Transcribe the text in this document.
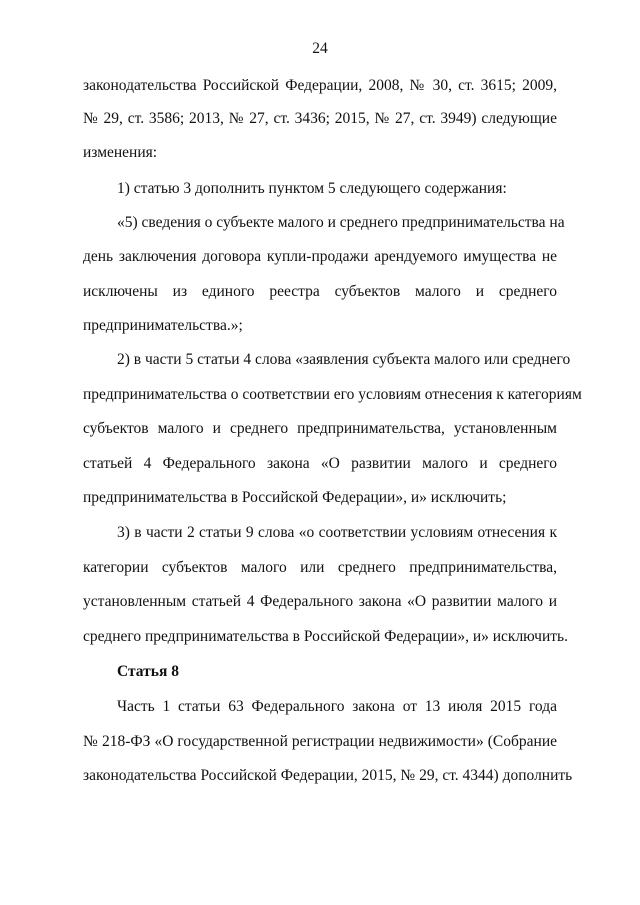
24
законодательства Российской Федерации, 2008, № 30, ст. 3615; 2009,
№ 29, ст. 3586; 2013, № 27, ст. 3436; 2015, № 27, ст. 3949) следующие
изменения:
1) статью 3 дополнить пунктом 5 следующего содержания:
«5) сведения о субъекте малого и среднего предпринимательства на
день заключения договора купли-продажи арендуемого имущества не
исключены из единого реестра субъектов малого и среднего
предпринимательства.»;
2) в части 5 статьи 4 слова «заявления субъекта малого или среднего
предпринимательства о соответствии его условиям отнесения к категориям
субъектов малого и среднего предпринимательства, установленным
статьей 4 Федерального закона «О развитии малого и среднего
предпринимательства в Российской Федерации», и» исключить;
3) в части 2 статьи 9 слова «о соответствии условиям отнесения к
категории субъектов малого или среднего предпринимательства,
установленным статьей 4 Федерального закона «О развитии малого и
среднего предпринимательства в Российской Федерации», и» исключить.
Статья 8
Часть 1 статьи 63 Федерального закона от 13 июля 2015 года
№ 218-ФЗ «О государственной регистрации недвижимости» (Собрание
законодательства Российской Федерации, 2015, № 29, ст. 4344) дополнить
